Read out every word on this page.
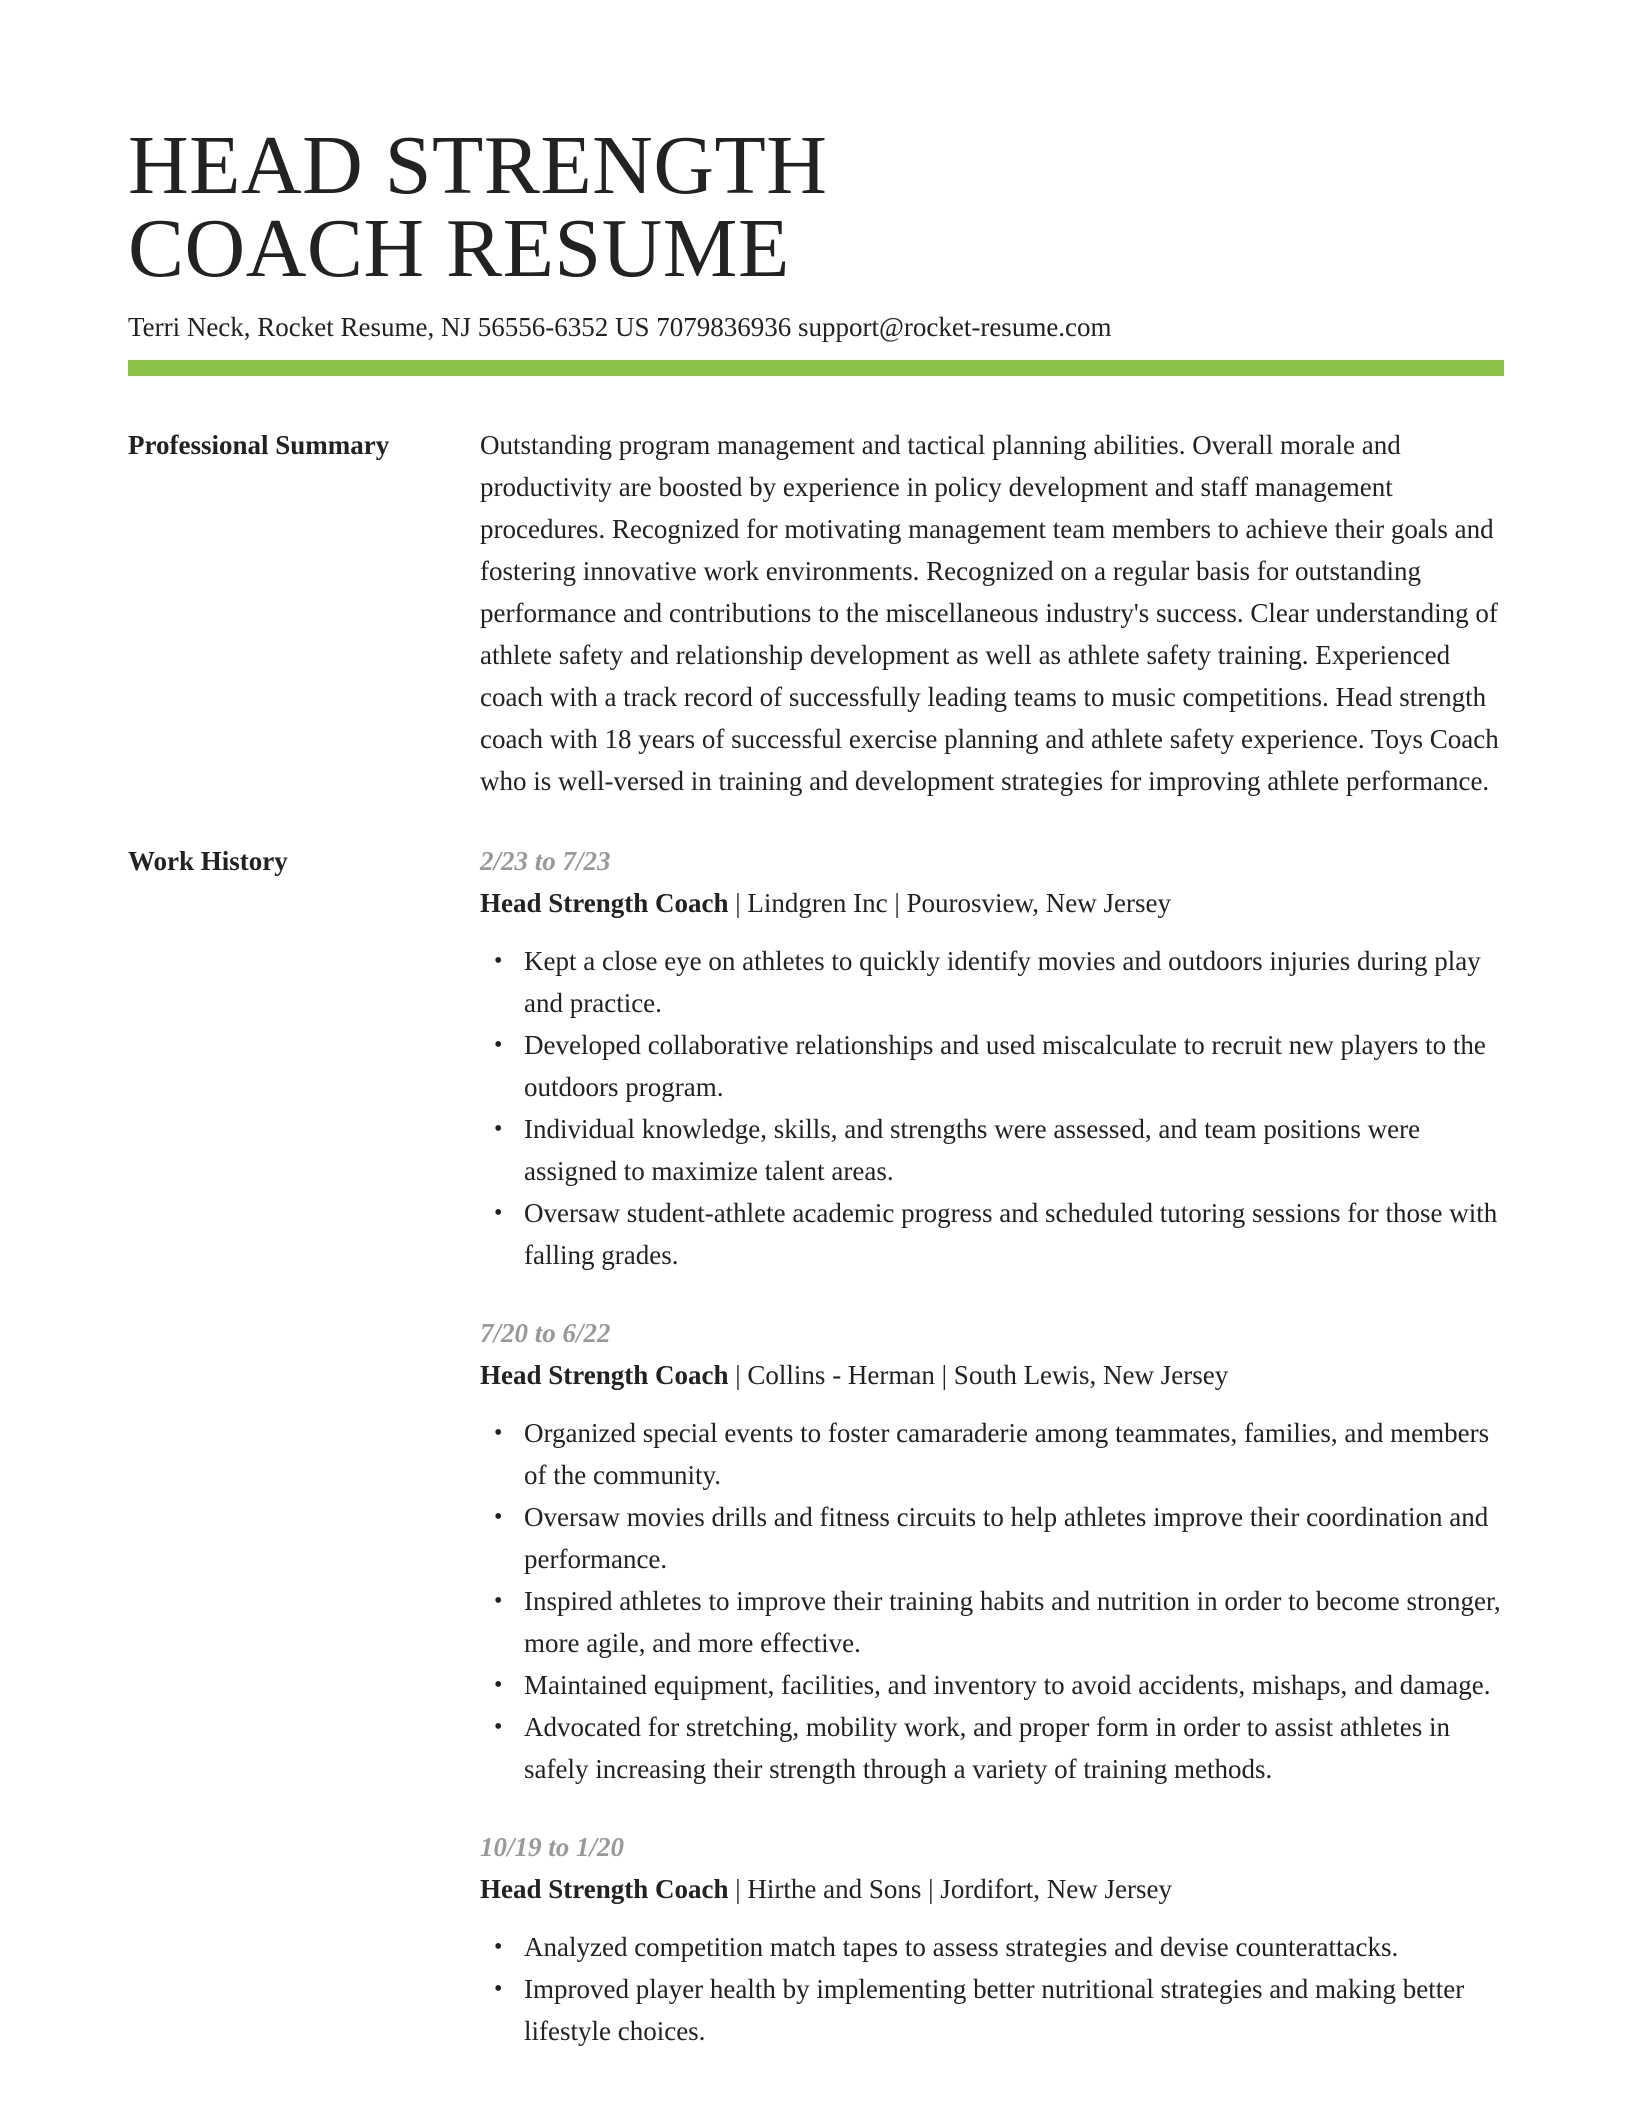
HEAD STRENGTH
COACH RESUME
Terri Neck, Rocket Resume, NJ 56556-6352 US 7079836936 support@rocket-resume.com
Professional Summary	Outstanding program management and tactical planning abilities. Overall morale and productivity are boosted by experience in policy development and staff management procedures. Recognized for motivating management team members to achieve their goals and fostering innovative work environments. Recognized on a regular basis for outstanding performance and contributions to the miscellaneous industry's success. Clear understanding of athlete safety and relationship development as well as athlete safety training. Experienced coach with a track record of successfully leading teams to music competitions. Head strength coach with 18 years of successful exercise planning and athlete safety experience. Toys Coach who is well-versed in training and development strategies for improving athlete performance.

Work History	2/23 to 7/23
Head Strength Coach | Lindgren Inc | Pourosview, New Jersey
• Kept a close eye on athletes to quickly identify movies and outdoors injuries during play and practice.
• Developed collaborative relationships and used miscalculate to recruit new players to the outdoors program.
• Individual knowledge, skills, and strengths were assessed, and team positions were assigned to maximize talent areas.
• Oversaw student-athlete academic progress and scheduled tutoring sessions for those with falling grades.
7/20 to 6/22
Head Strength Coach | Collins - Herman | South Lewis, New Jersey
• Organized special events to foster camaraderie among teammates, families, and members of the community.
• Oversaw movies drills and fitness circuits to help athletes improve their coordination and performance.
• Inspired athletes to improve their training habits and nutrition in order to become stronger, more agile, and more effective.
• Maintained equipment, facilities, and inventory to avoid accidents, mishaps, and damage.
• Advocated for stretching, mobility work, and proper form in order to assist athletes in safely increasing their strength through a variety of training methods.
10/19 to 1/20
Head Strength Coach | Hirthe and Sons | Jordifort, New Jersey
• Analyzed competition match tapes to assess strategies and devise counterattacks.
• Improved player health by implementing better nutritional strategies and making better lifestyle choices.
